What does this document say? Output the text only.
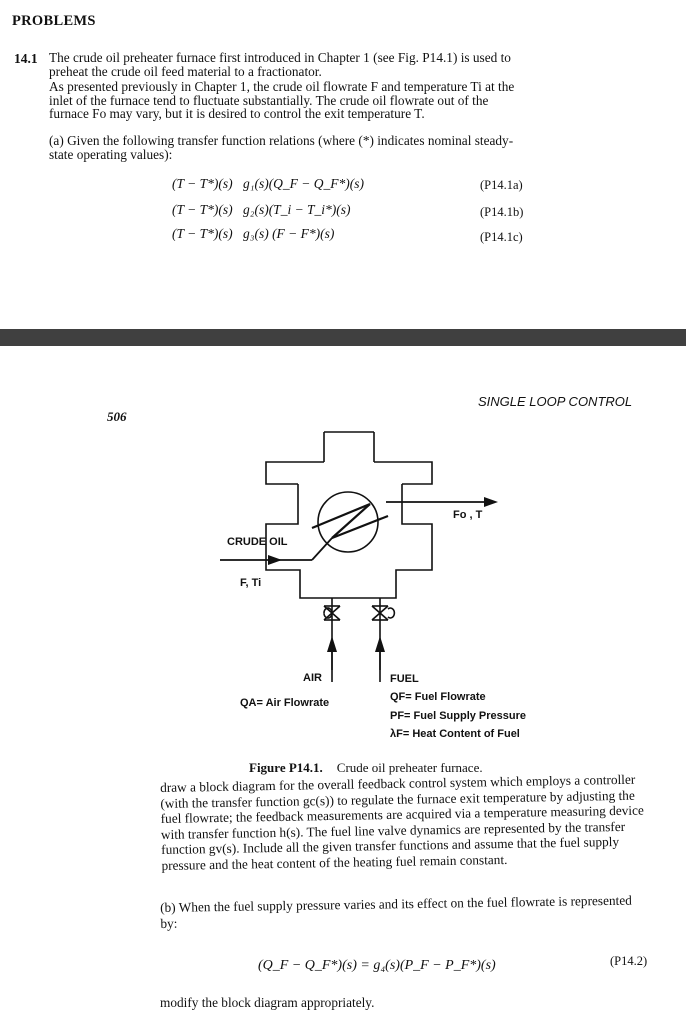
PROBLEMS
14.1 The crude oil preheater furnace first introduced in Chapter 1 (see Fig. P14.1) is used to preheat the crude oil feed material to a fractionator.
As presented previously in Chapter 1, the crude oil flowrate F and temperature Ti at the inlet of the furnace tend to fluctuate substantially. The crude oil flowrate out of the furnace Fo may vary, but it is desired to control the exit temperature T.
(a) Given the following transfer function relations (where (*) indicates nominal steady-state operating values):
(T − T*)(s) g₁(s)(Q_F − Q_F*)(s)	(P14.1a)
(T − T*)(s) g₂(s)(T_i − T_i*)(s)	(P14.1b)
(T − T*)(s) g₃(s) (F − F*)(s)	(P14.1c)
SINGLE LOOP CONTROL
506
CRUDE OIL
F, Ti
Fo , T
AIR	FUEL
QA= Air Flowrate	QF= Fuel Flowrate
PF= Fuel Supply Pressure
λF= Heat Content of Fuel
Figure P14.1. Crude oil preheater furnace.
draw a block diagram for the overall feedback control system which employs a controller (with the transfer function gc(s)) to regulate the furnace exit temperature by adjusting the fuel flowrate; the feedback measurements are acquired via a temperature measuring device with transfer function h(s). The fuel line valve dynamics are represented by the transfer function gv(s). Include all the given transfer functions and assume that the fuel supply pressure and the heat content of the heating fuel remain constant.
(b) When the fuel supply pressure varies and its effect on the fuel flowrate is represented by:
(Q_F − Q_F*)(s) = g₄(s)(P_F − P_F*)(s)	(P14.2)
modify the block diagram appropriately.
